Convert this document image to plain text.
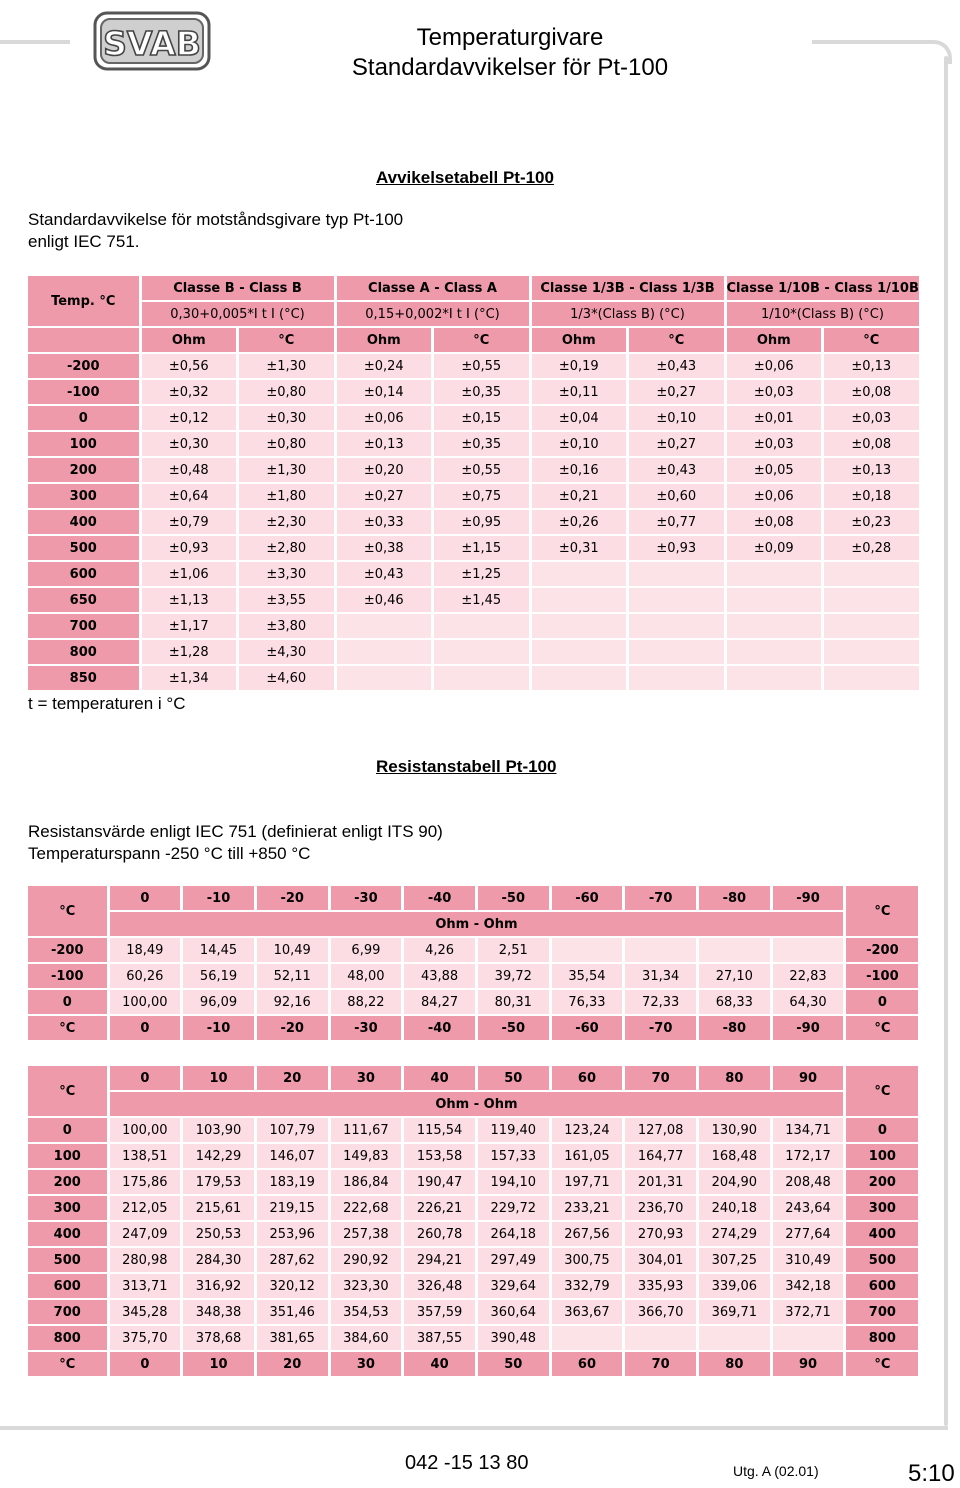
SVAB	Temperaturgivare
Standardavvikelser för Pt-100
Avvikelsetabell Pt-100
Standardavvikelse för motståndsgivare typ Pt-100
enligt IEC 751.
Temp. °C	Classe B - Class B		Classe A - Class A		Classe 1/3B - Class 1/3B		Classe 1/10B - Class 1/10B	
	0,30+0,005*I t I (°C)		0,15+0,002*I t I (°C)		1/3*(Class B) (°C)		1/10*(Class B) (°C)	
	Ohm	°C	Ohm	°C	Ohm	°C	Ohm	°C
-200	±0,56	±1,30	±0,24	±0,55	±0,19	±0,43	±0,06	±0,13
-100	±0,32	±0,80	±0,14	±0,35	±0,11	±0,27	±0,03	±0,08
0	±0,12	±0,30	±0,06	±0,15	±0,04	±0,10	±0,01	±0,03
100	±0,30	±0,80	±0,13	±0,35	±0,10	±0,27	±0,03	±0,08
200	±0,48	±1,30	±0,20	±0,55	±0,16	±0,43	±0,05	±0,13
300	±0,64	±1,80	±0,27	±0,75	±0,21	±0,60	±0,06	±0,18
400	±0,79	±2,30	±0,33	±0,95	±0,26	±0,77	±0,08	±0,23
500	±0,93	±2,80	±0,38	±1,15	±0,31	±0,93	±0,09	±0,28
600	±1,06	±3,30	±0,43	±1,25				
650	±1,13	±3,55	±0,46	±1,45				
700	±1,17	±3,80						
800	±1,28	±4,30						
850	±1,34	±4,60						
t = temperaturen i °C
Resistanstabell Pt-100
Resistansvärde enligt IEC 751 (definierat enligt ITS 90)
Temperaturspann -250 °C till +850 °C
°C	0	-10	-20	-30	-40	-50	-60	-70	-80	-90	°C
	Ohm - Ohm										
-200	18,49	14,45	10,49	6,99	4,26	2,51					-200
-100	60,26	56,19	52,11	48,00	43,88	39,72	35,54	31,34	27,10	22,83	-100
0	100,00	96,09	92,16	88,22	84,27	80,31	76,33	72,33	68,33	64,30	0
°C	0	-10	-20	-30	-40	-50	-60	-70	-80	-90	°C
°C	0	10	20	30	40	50	60	70	80	90	°C
	Ohm - Ohm										
0	100,00	103,90	107,79	111,67	115,54	119,40	123,24	127,08	130,90	134,71	0
100	138,51	142,29	146,07	149,83	153,58	157,33	161,05	164,77	168,48	172,17	100
200	175,86	179,53	183,19	186,84	190,47	194,10	197,71	201,31	204,90	208,48	200
300	212,05	215,61	219,15	222,68	226,21	229,72	233,21	236,70	240,18	243,64	300
400	247,09	250,53	253,96	257,38	260,78	264,18	267,56	270,93	274,29	277,64	400
500	280,98	284,30	287,62	290,92	294,21	297,49	300,75	304,01	307,25	310,49	500
600	313,71	316,92	320,12	323,30	326,48	329,64	332,79	335,93	339,06	342,18	600
700	345,28	348,38	351,46	354,53	357,59	360,64	363,67	366,70	369,71	372,71	700
800	375,70	378,68	381,65	384,60	387,55	390,48					800
°C	0	10	20	30	40	50	60	70	80	90	°C
042 -15 13 80	Utg. A (02.01)	5:10
